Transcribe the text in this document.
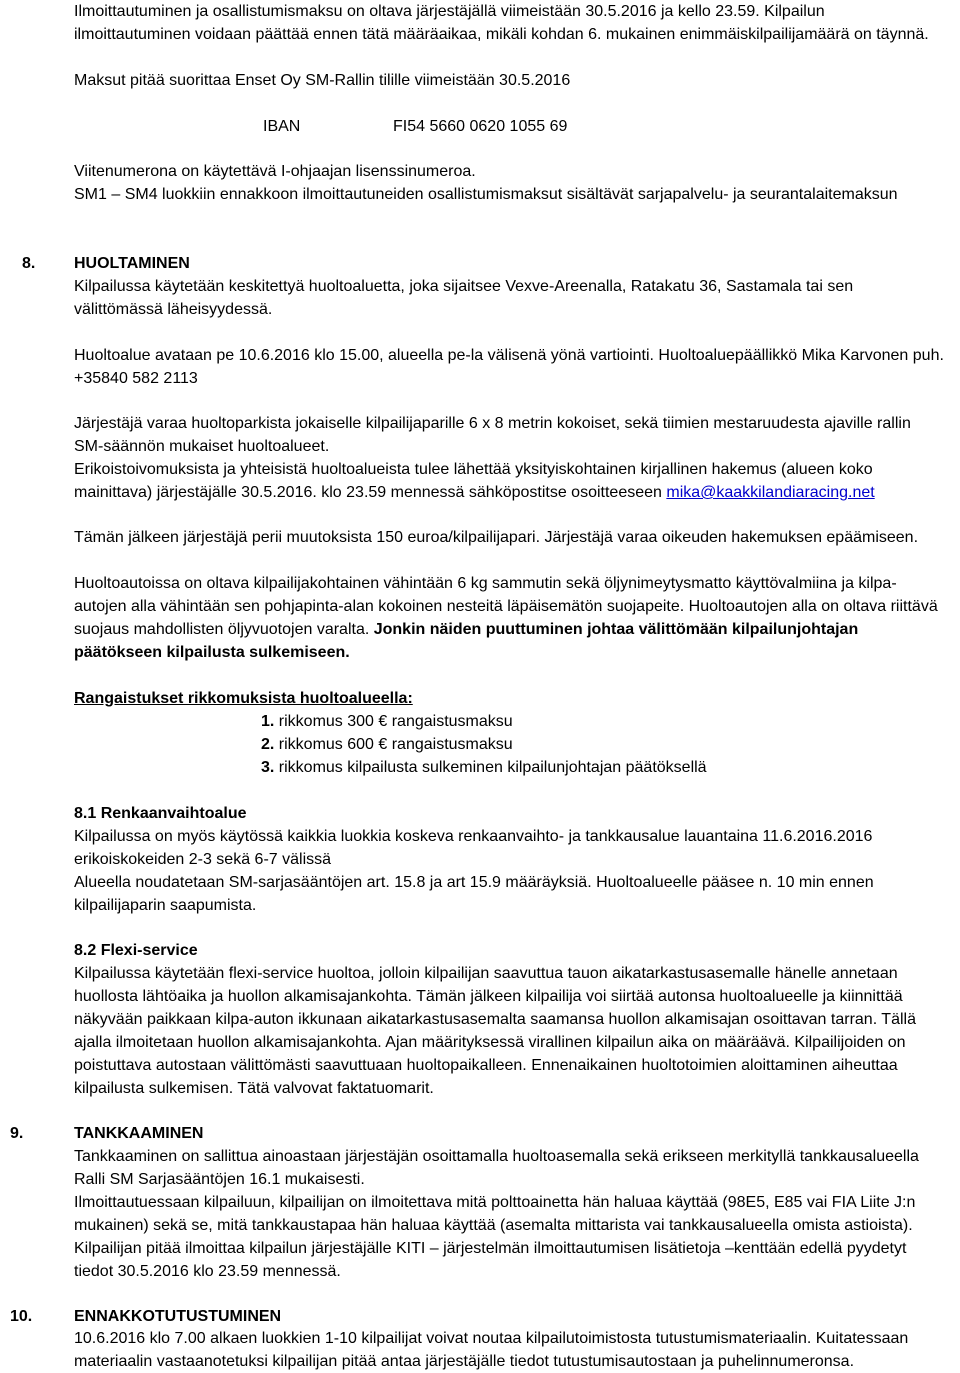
Ilmoittautuminen ja osallistumismaksu on oltava järjestäjällä viimeistään 30.5.2016 ja kello 23.59. Kilpailun
ilmoittautuminen voidaan päättää ennen tätä määräaikaa, mikäli kohdan 6. mukainen enimmäiskilpailijamäärä on täynnä.
Maksut pitää suorittaa Enset Oy SM-Rallin tilille viimeistään 30.5.2016
IBAN	FI54 5660 0620 1055 69
Viitenumerona on käytettävä I-ohjaajan lisenssinumeroa.
SM1 – SM4 luokkiin ennakkoon ilmoittautuneiden osallistumismaksut sisältävät sarjapalvelu- ja seurantalaitemaksun
8. HUOLTAMINEN
Kilpailussa käytetään keskitettyä huoltoaluetta, joka sijaitsee Vexve-Areenalla, Ratakatu 36, Sastamala tai sen
välittömässä läheisyydessä.
Huoltoalue avataan pe 10.6.2016 klo 15.00, alueella pe-la välisenä yönä vartiointi. Huoltoaluepäällikkö Mika Karvonen puh.
+35840 582 2113
Järjestäjä varaa huoltoparkista jokaiselle kilpailijaparille 6 x 8 metrin kokoiset, sekä tiimien mestaruudesta ajaville rallin
SM-säännön mukaiset huoltoalueet.
Erikoistoivomuksista ja yhteisistä huoltoalueista tulee lähettää yksityiskohtainen kirjallinen hakemus (alueen koko
mainittava) järjestäjälle 30.5.2016. klo 23.59 mennessä sähköpostitse osoitteeseen mika@kaakkilandiaracing.net
Tämän jälkeen järjestäjä perii muutoksista 150 euroa/kilpailijapari. Järjestäjä varaa oikeuden hakemuksen epäämiseen.
Huoltoautoissa on oltava kilpailijakohtainen vähintään 6 kg sammutin sekä öljynimeytysmatto käyttövalmiina ja kilpa-
autojen alla vähintään sen pohjapinta-alan kokoinen nesteitä läpäisemätön suojapeite. Huoltoautojen alla on oltava riittävä
suojaus mahdollisten öljyvuotojen varalta. Jonkin näiden puuttuminen johtaa välittömään kilpailunjohtajan
päätökseen kilpailusta sulkemiseen.
Rangaistukset rikkomuksista huoltoalueella:
1. rikkomus 300 € rangaistusmaksu
2. rikkomus 600 € rangaistusmaksu
3. rikkomus kilpailusta sulkeminen kilpailunjohtajan päätöksellä
8.1 Renkaanvaihtoalue
Kilpailussa on myös käytössä kaikkia luokkia koskeva renkaanvaihto- ja tankkausalue lauantaina 11.6.2016.2016
erikoiskokeiden 2-3 sekä 6-7 välissä
Alueella noudatetaan SM-sarjasääntöjen art. 15.8 ja art 15.9 määräyksiä. Huoltoalueelle pääsee n. 10 min ennen
kilpailijaparin saapumista.
8.2 Flexi-service
Kilpailussa käytetään flexi-service huoltoa, jolloin kilpailijan saavuttua tauon aikatarkastusasemalle hänelle annetaan
huollosta lähtöaika ja huollon alkamisajankohta. Tämän jälkeen kilpailija voi siirtää autonsa huoltoalueelle ja kiinnittää
näkyvään paikkaan kilpa-auton ikkunaan aikatarkastusasemalta saamansa huollon alkamisajan osoittavan tarran. Tällä
ajalla ilmoitetaan huollon alkamisajankohta. Ajan määrityksessä virallinen kilpailun aika on määräävä. Kilpailijoiden on
poistuttava autostaan välittömästi saavuttuaan huoltopaikalleen. Ennenaikainen huoltotoimien aloittaminen aiheuttaa
kilpailusta sulkemisen. Tätä valvovat faktatuomarit.
9.	TANKKAAMINEN
Tankkaaminen on sallittua ainoastaan järjestäjän osoittamalla huoltoasemalla sekä erikseen merkityllä tankkausalueella
Ralli SM Sarjasääntöjen 16.1 mukaisesti.
Ilmoittautuessaan kilpailuun, kilpailijan on ilmoitettava mitä polttoainetta hän haluaa käyttää (98E5, E85 vai FIA Liite J:n
mukainen) sekä se, mitä tankkaustapaa hän haluaa käyttää (asemalta mittarista vai tankkausalueella omista astioista).
Kilpailijan pitää ilmoittaa kilpailun järjestäjälle KITI – järjestelmän ilmoittautumisen lisätietoja –kenttään edellä pyydetyt
tiedot 30.5.2016 klo 23.59 mennessä.
10.	ENNAKKOTUTUSTUMINEN
10.6.2016 klo 7.00 alkaen luokkien 1-10 kilpailijat voivat noutaa kilpailutoimistosta tutustumismateriaalin. Kuitatessaan
materiaalin vastaanotetuksi kilpailijan pitää antaa järjestäjälle tiedot tutustumisautostaan ja puhelinnumeronsa.
